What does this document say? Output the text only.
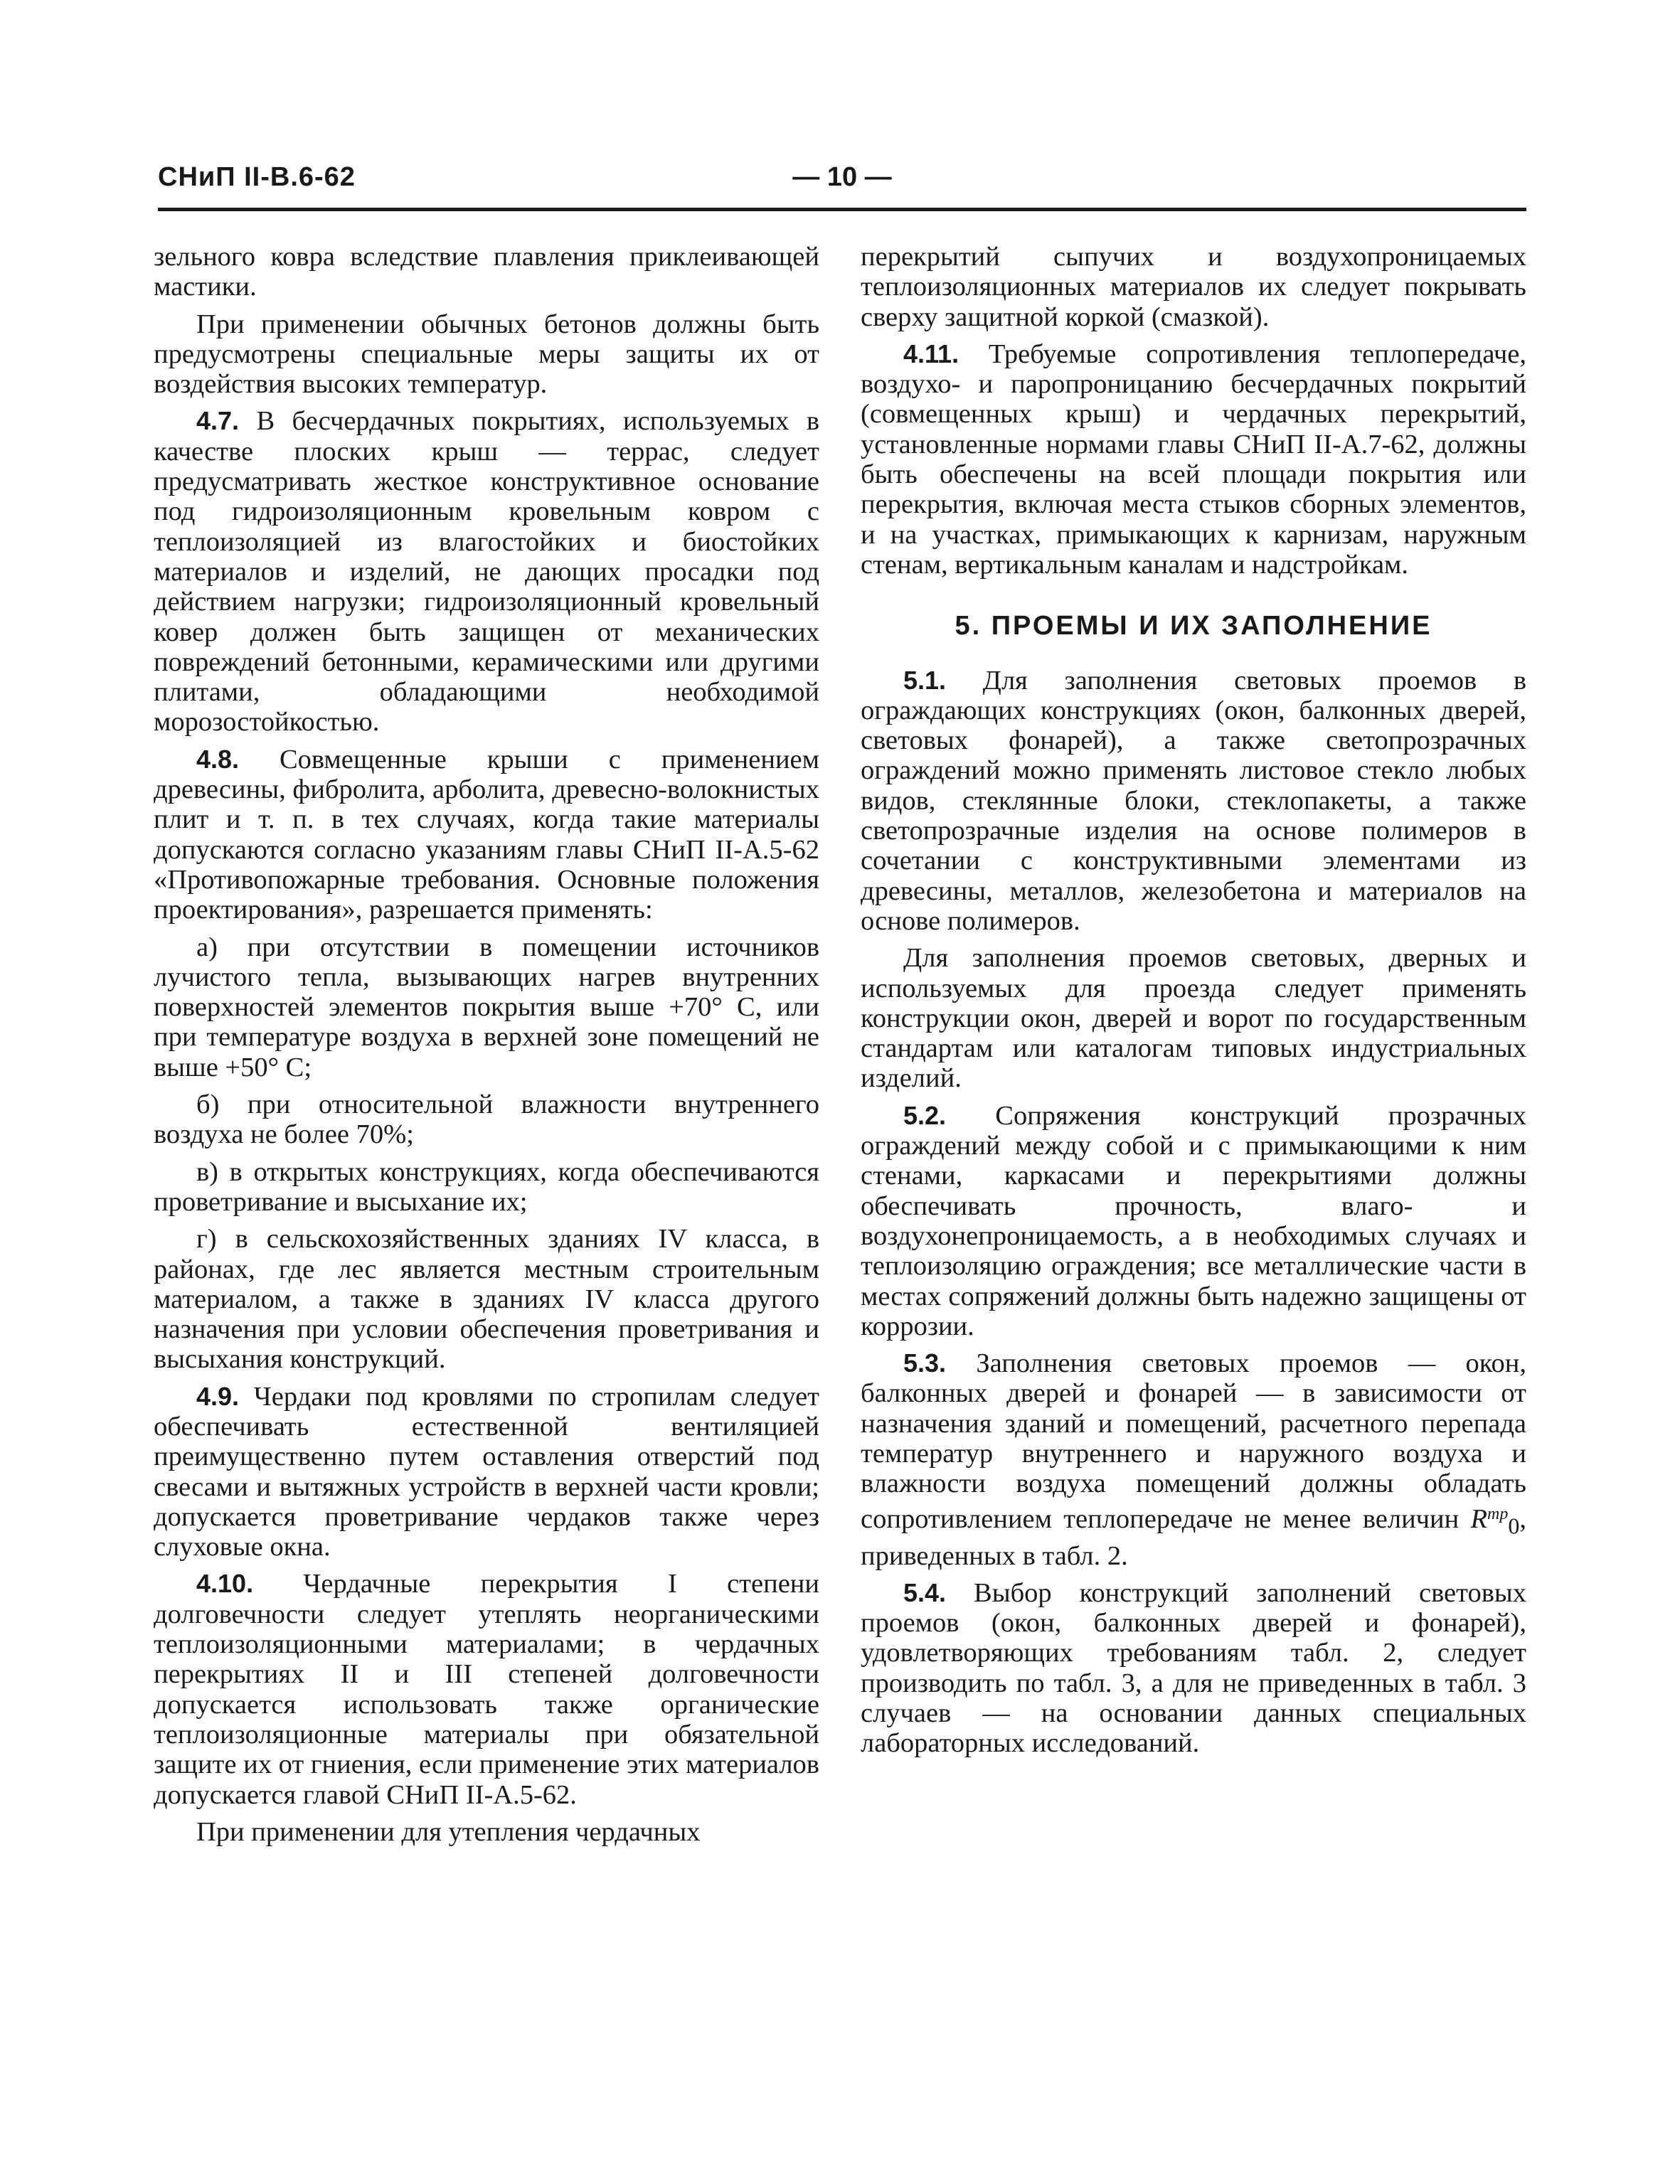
СНиП II-В.6-62	— 10 —

зельного ковра вследствие плавления приклеивающей мастики.

При применении обычных бетонов должны быть предусмотрены специальные меры защиты их от воздействия высоких температур.

4.7. В бесчердачных покрытиях, используемых в качестве плоских крыш — террас, следует предусматривать жесткое конструктивное основание под гидроизоляционным кровельным ковром с теплоизоляцией из влагостойких и биостойких материалов и изделий, не дающих просадки под действием нагрузки; гидроизоляционный кровельный ковер должен быть защищен от механических повреждений бетонными, керамическими или другими плитами, обладающими необходимой морозостойкостью.

4.8. Совмещенные крыши с применением древесины, фибролита, арболита, древесно-волокнистых плит и т. п. в тех случаях, когда такие материалы допускаются согласно указаниям главы СНиП II-А.5-62 «Противопожарные требования. Основные положения проектирования», разрешается применять:

а) при отсутствии в помещении источников лучистого тепла, вызывающих нагрев внутренних поверхностей элементов покрытия выше +70° С, или при температуре воздуха в верхней зоне помещений не выше +50° С;

б) при относительной влажности внутреннего воздуха не более 70%;

в) в открытых конструкциях, когда обеспечиваются проветривание и высыхание их;

г) в сельскохозяйственных зданиях IV класса, в районах, где лес является местным строительным материалом, а также в зданиях IV класса другого назначения при условии обеспечения проветривания и высыхания конструкций.

4.9. Чердаки под кровлями по стропилам следует обеспечивать естественной вентиляцией преимущественно путем оставления отверстий под свесами и вытяжных устройств в верхней части кровли; допускается проветривание чердаков также через слуховые окна.

4.10. Чердачные перекрытия I степени долговечности следует утеплять неорганическими теплоизоляционными материалами; в чердачных перекрытиях II и III степеней долговечности допускается использовать также органические теплоизоляционные материалы при обязательной защите их от гниения, если применение этих материалов допускается главой СНиП II-А.5-62.

При применении для утепления чердачных

перекрытий сыпучих и воздухопроницаемых теплоизоляционных материалов их следует покрывать сверху защитной коркой (смазкой).

4.11. Требуемые сопротивления теплопередаче, воздухо- и паропроницанию бесчердачных покрытий (совмещенных крыш) и чердачных перекрытий, установленные нормами главы СНиП II-А.7-62, должны быть обеспечены на всей площади покрытия или перекрытия, включая места стыков сборных элементов, и на участках, примыкающих к карнизам, наружным стенам, вертикальным каналам и надстройкам.

5. ПРОЕМЫ И ИХ ЗАПОЛНЕНИЕ

5.1. Для заполнения световых проемов в ограждающих конструкциях (окон, балконных дверей, световых фонарей), а также светопрозрачных ограждений можно применять листовое стекло любых видов, стеклянные блоки, стеклопакеты, а также светопрозрачные изделия на основе полимеров в сочетании с конструктивными элементами из древесины, металлов, железобетона и материалов на основе полимеров.

Для заполнения проемов световых, дверных и используемых для проезда следует применять конструкции окон, дверей и ворот по государственным стандартам или каталогам типовых индустриальных изделий.

5.2. Сопряжения конструкций прозрачных ограждений между собой и с примыкающими к ним стенами, каркасами и перекрытиями должны обеспечивать прочность, влаго- и воздухонепроницаемость, а в необходимых случаях и теплоизоляцию ограждения; все металлические части в местах сопряжений должны быть надежно защищены от коррозии.

5.3. Заполнения световых проемов — окон, балконных дверей и фонарей — в зависимости от назначения зданий и помещений, расчетного перепада температур внутреннего и наружного воздуха и влажности воздуха помещений должны обладать сопротивлением теплопередаче не менее величин $R^{тр}_0$, приведенных в табл. 2.

5.4. Выбор конструкций заполнений световых проемов (окон, балконных дверей и фонарей), удовлетворяющих требованиям табл. 2, следует производить по табл. 3, а для не приведенных в табл. 3 случаев — на основании данных специальных лабораторных исследований.
